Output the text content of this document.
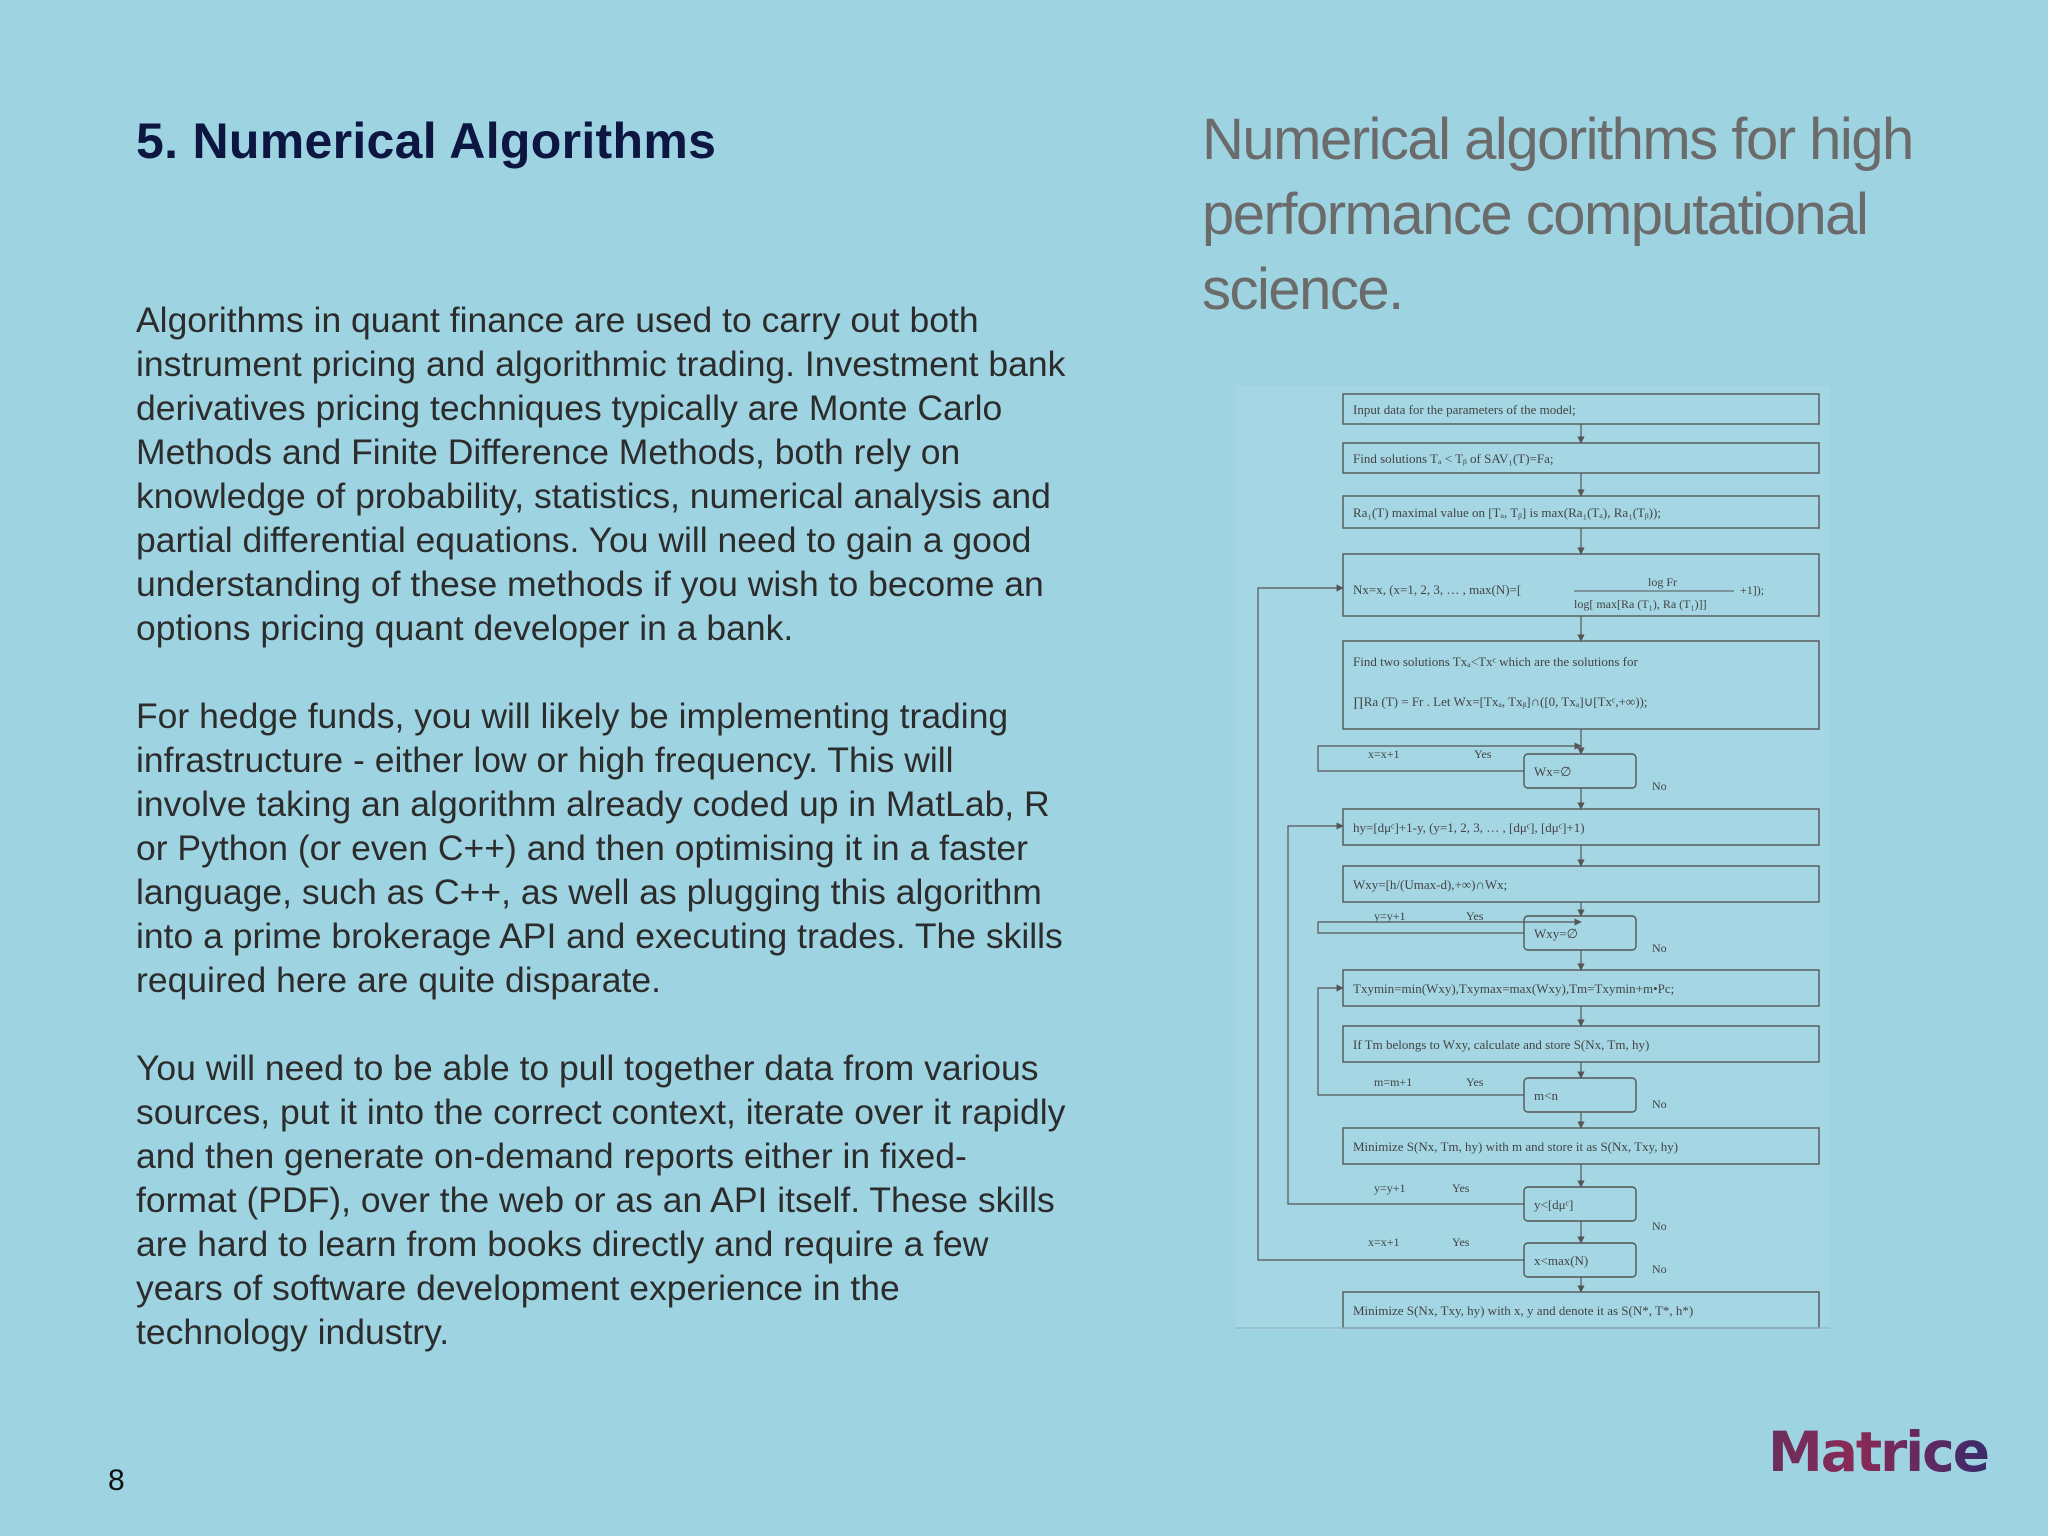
5. Numerical Algorithms

Algorithms in quant finance are used to carry out both instrument pricing and algorithmic trading. Investment bank derivatives pricing techniques typically are Monte Carlo Methods and Finite Difference Methods, both rely on knowledge of probability, statistics, numerical analysis and partial differential equations. You will need to gain a good understanding of these methods if you wish to become an options pricing quant developer in a bank.

For hedge funds, you will likely be implementing trading infrastructure - either low or high frequency. This will involve taking an algorithm already coded up in MatLab, R or Python (or even C++) and then optimising it in a faster language, such as C++, as well as plugging this algorithm into a prime brokerage API and executing trades. The skills required here are quite disparate.

You will need to be able to pull together data from various sources, put it into the correct context, iterate over it rapidly and then generate on-demand reports either in fixed-format (PDF), over the web or as an API itself. These skills are hard to learn from books directly and require a few years of software development experience in the technology industry.

Numerical algorithms for high performance computational science.
Input data for the parameters of the model;
Find solutions Tₐ < Tᵦ of SAV₁(T)=Fa;
Ra₁(T) maximal value on [Tₐ, Tᵦ] is max(Ra₁(Tₐ), Ra₁(Tᵦ));
Nx=x, (x=1, 2, 3, … , max(N)=[	log Fr
log[ max[Ra (T₁), Ra (T₁)]]
+1]);
Find two solutions Txₐ<Txᶜ which are the solutions for
∏Ra (T) = Fr . Let Wx=[Txₐ, Txᵦ]∩([0, Txₐ]∪[Txᶜ,+∞));
Wx=∅
hy=[dμᶜ]+1-y, (y=1, 2, 3, … , [dμᶜ], [dμᶜ]+1)
Wxy=[h/(Umax-d),+∞)∩Wx;
Wxy=∅
Txymin=min(Wxy),Txymax=max(Wxy),Tm=Txymin+m•Pc;
If Tm belongs to Wxy, calculate and store S(Nx, Tm, hy)
m<n
Minimize S(Nx, Tm, hy) with m and store it as S(Nx, Txy, hy)
y<[dμᶜ]
x<max(N)
Minimize S(Nx, Txy, hy) with x, y and denote it as S(N*, T*, h*)
x=x+1
y=y+1
m=m+1
y=y+1
x=x+1
Yes
Yes
Yes
Yes
Yes
No
No
No
No
No
8	Matrice
